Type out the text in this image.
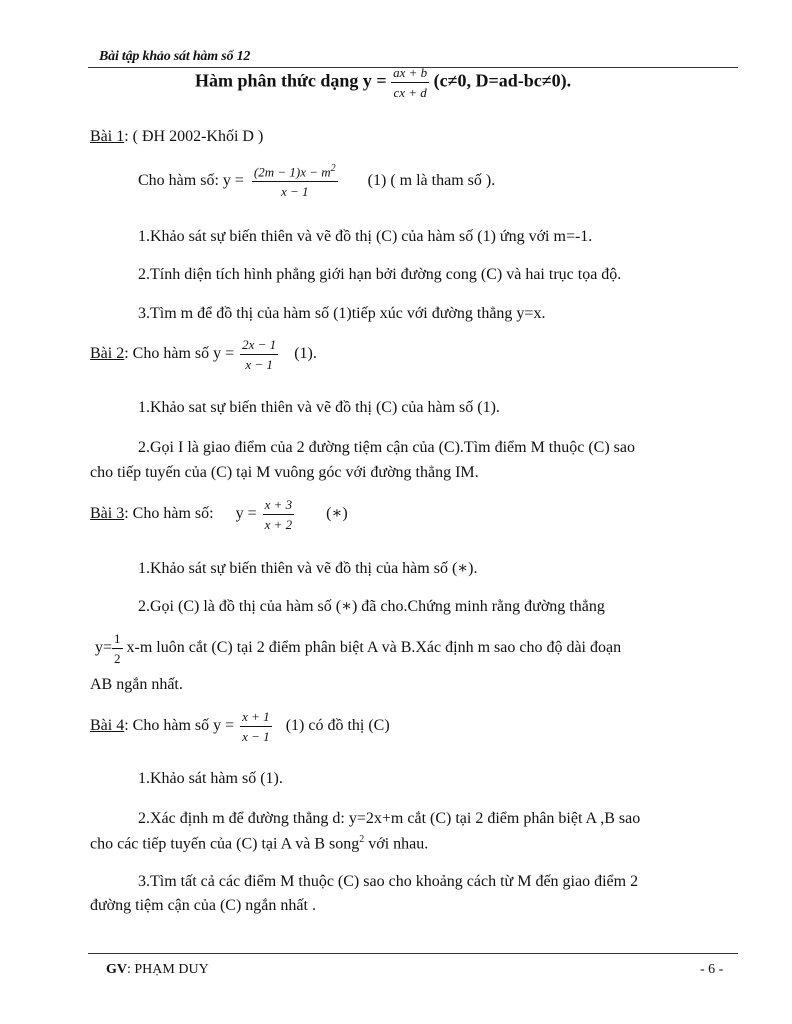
Bài tập khảo sát hàm số 12
Hàm phân thức dạng $y = \frac{ax + b}{cx + d} (c\ne 0$, D=ad-bc≠0).
Bài 1: ( ĐH 2002-Khối D )
Cho hàm số: $y = \frac{(2m - 1)x - m^2}{x - 1} (1)$ ( m là tham số ).
1.Khảo sát sự biến thiên và vẽ đồ thị (C) của hàm số (1) ứng với m=-1.
2.Tính diện tích hình phẳng giới hạn bởi đường cong (C) và hai trục tọa độ.
3.Tìm m để đồ thị của hàm số (1)tiếp xúc với đường thẳng y=x.
Bài 2: Cho hàm số $y = \frac{2x - 1}{x - 1} (1)$.
1.Khảo sat sự biến thiên và vẽ đồ thị (C) của hàm số (1).
2.Gọi I là giao điểm của 2 đường tiệm cận của (C).Tìm điểm M thuộc (C) sao
cho tiếp tuyến của (C) tại M vuông góc với đường thẳng IM.
Bài 3: Cho hàm số: $y = \frac{x + 3}{x + 2}$ (∗)
1.Khảo sát sự biến thiên và vẽ đồ thị của hàm số (∗).
2.Gọi (C) là đồ thị của hàm số (∗) đã cho.Chứng minh rằng đường thẳng
$y= \frac{1}{2} x-m$ luôn cắt (C) tại 2 điểm phân biệt A và B.Xác định m sao cho độ dài đoạn
AB ngắn nhất.
Bài 4: Cho hàm số $y = \frac{x + 1}{x - 1} (1)$ có đồ thị (C)
1.Khảo sát hàm số (1).
2.Xác định m để đường thẳng d: y=2x+m cắt (C) tại 2 điểm phân biệt A ,B sao
cho các tiếp tuyến của (C) tại A và B song$^2$ với nhau.
3.Tìm tất cả các điểm M thuộc (C) sao cho khoảng cách từ M đến giao điểm 2
đường tiệm cận của (C) ngắn nhất .
GV: PHẠM DUY	- 6 -
